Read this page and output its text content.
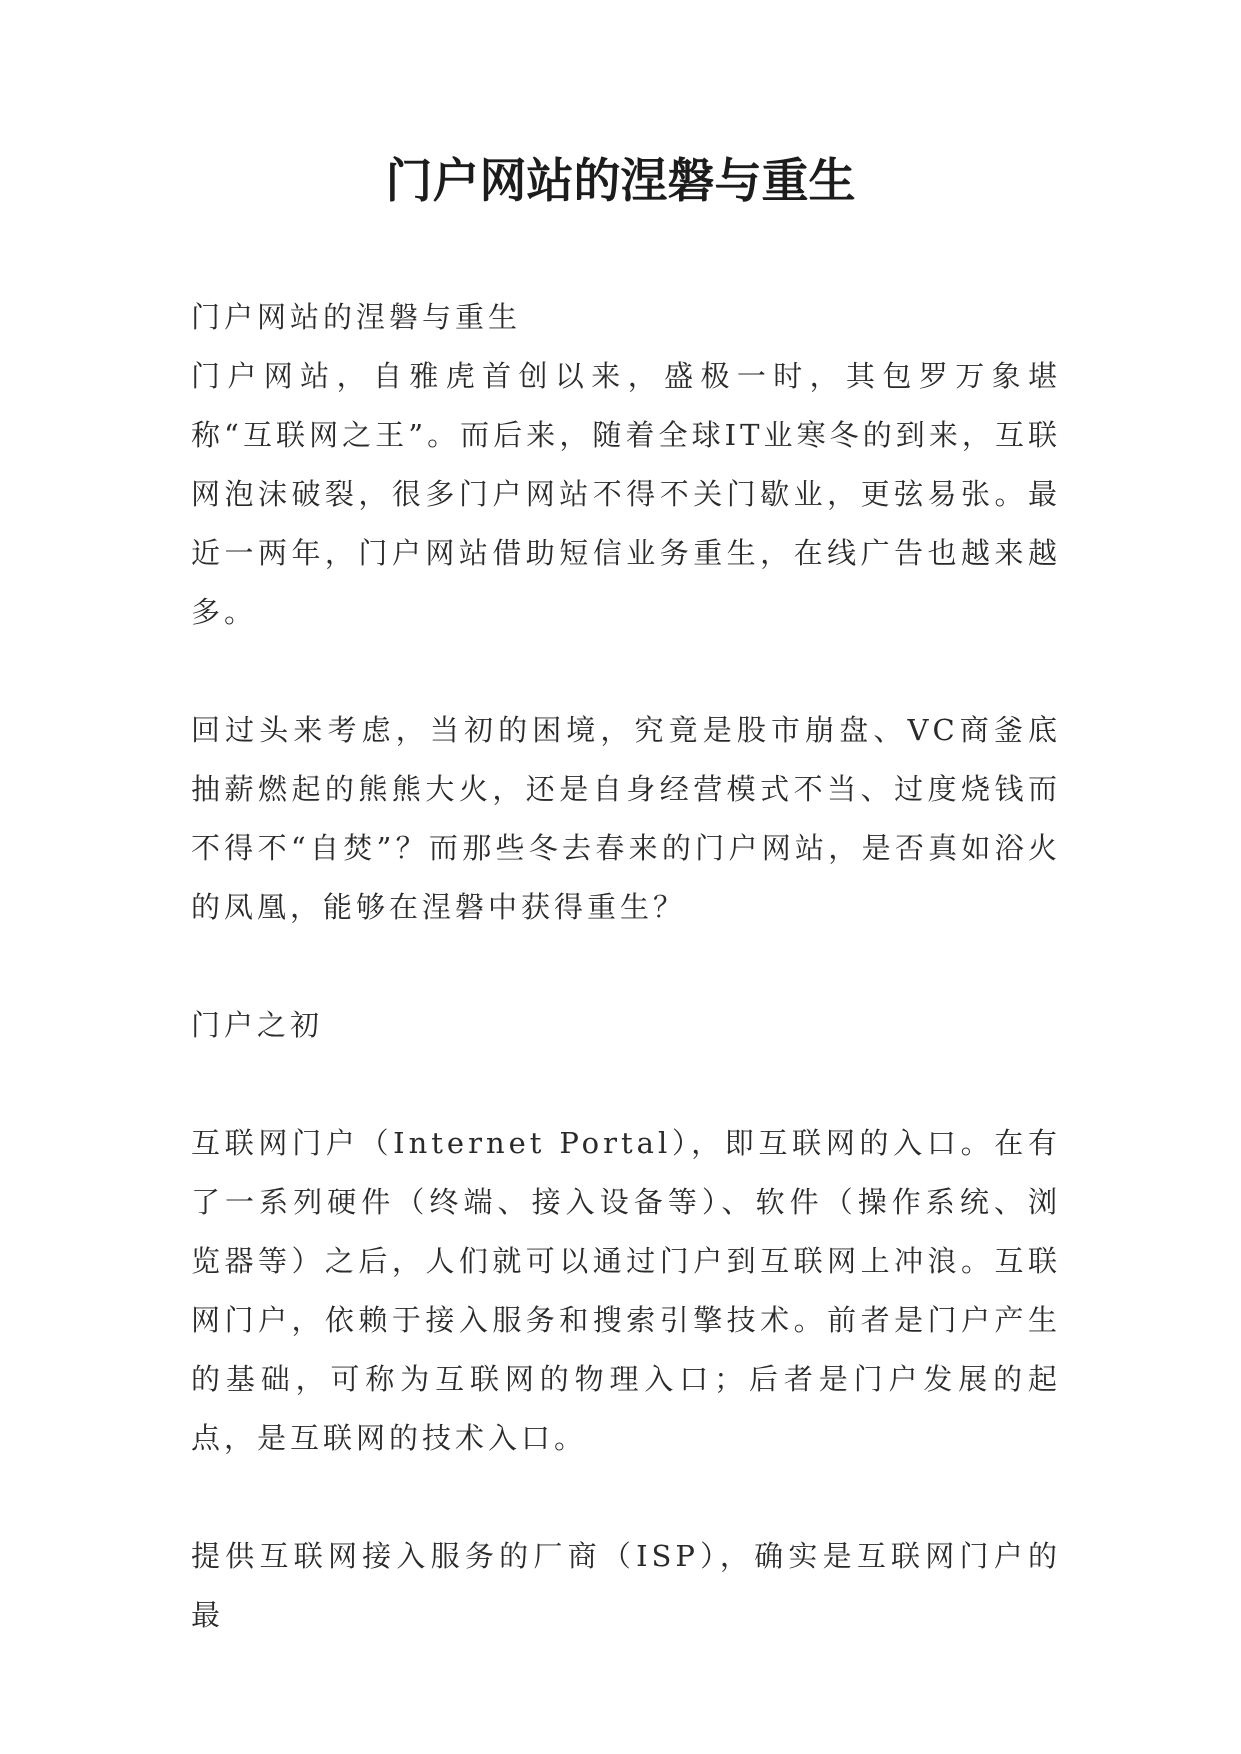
门户网站的涅磐与重生

门户网站的涅磐与重生

门户网站，自雅虎首创以来，盛极一时，其包罗万象堪称“互联网之王”。而后来，随着全球IT业寒冬的到来，互联网泡沫破裂，很多门户网站不得不关门歇业，更弦易张。最近一两年，门户网站借助短信业务重生，在线广告也越来越多。

回过头来考虑，当初的困境，究竟是股市崩盘、VC商釜底抽薪燃起的熊熊大火，还是自身经营模式不当、过度烧钱而不得不“自焚”？而那些冬去春来的门户网站，是否真如浴火的凤凰，能够在涅磐中获得重生？

门户之初

互联网门户（Internet Portal），即互联网的入口。在有了一系列硬件（终端、接入设备等）、软件（操作系统、浏览器等）之后，人们就可以通过门户到互联网上冲浪。互联网门户，依赖于接入服务和搜索引擎技术。前者是门户产生的基础，可称为互联网的物理入口；后者是门户发展的起点，是互联网的技术入口。

提供互联网接入服务的厂商（ISP），确实是互联网门户的最
